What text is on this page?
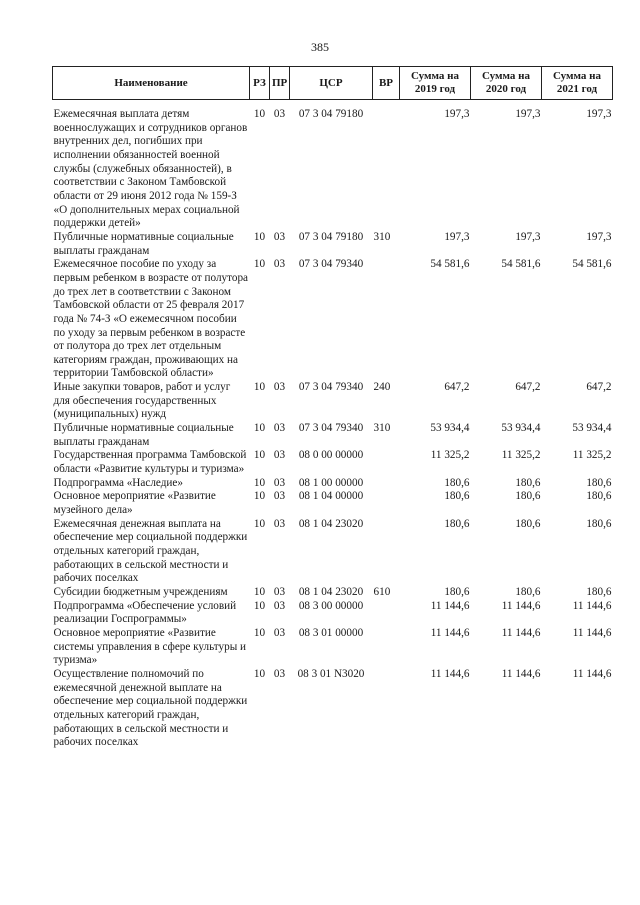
385
Наименование	РЗ	ПР	ЦСР	ВР	Сумма на 2019 год	Сумма на 2020 год	Сумма на 2021 год

Ежемесячная выплата детям военнослужащих и сотрудников органов внутренних дел, погибших при исполнении обязанностей военной службы (служебных обязанностей), в соответствии с Законом Тамбовской области от 29 июня 2012 года № 159-З «О дополнительных мерах социальной поддержки детей»	10	03	07 3 04 79180		197,3	197,3	197,3
Публичные нормативные социальные выплаты гражданам	10	03	07 3 04 79180	310	197,3	197,3	197,3
Ежемесячное пособие по уходу за первым ребенком в возрасте от полутора до трех лет в соответствии с Законом Тамбовской области от 25 февраля 2017 года № 74-З «О ежемесячном пособии по уходу за первым ребенком в возрасте от полутора до трех лет отдельным категориям граждан, проживающих на территории Тамбовской области»	10	03	07 3 04 79340		54 581,6	54 581,6	54 581,6
Иные закупки товаров, работ и услуг для обеспечения государственных (муниципальных) нужд	10	03	07 3 04 79340	240	647,2	647,2	647,2
Публичные нормативные социальные выплаты гражданам	10	03	07 3 04 79340	310	53 934,4	53 934,4	53 934,4
Государственная программа Тамбовской области «Развитие культуры и туризма»	10	03	08 0 00 00000		11 325,2	11 325,2	11 325,2
Подпрограмма «Наследие»	10	03	08 1 00 00000		180,6	180,6	180,6
Основное мероприятие «Развитие музейного дела»	10	03	08 1 04 00000		180,6	180,6	180,6
Ежемесячная денежная выплата на обеспечение мер социальной поддержки отдельных категорий граждан, работающих в сельской местности и рабочих поселках	10	03	08 1 04 23020		180,6	180,6	180,6
Субсидии бюджетным учреждениям	10	03	08 1 04 23020	610	180,6	180,6	180,6
Подпрограмма «Обеспечение условий реализации Госпрограммы»	10	03	08 3 00 00000		11 144,6	11 144,6	11 144,6
Основное мероприятие «Развитие системы управления в сфере культуры и туризма»	10	03	08 3 01 00000		11 144,6	11 144,6	11 144,6
Осуществление полномочий по ежемесячной денежной выплате на обеспечение мер социальной поддержки отдельных категорий граждан, работающих в сельской местности и рабочих поселках	10	03	08 3 01 N3020		11 144,6	11 144,6	11 144,6
